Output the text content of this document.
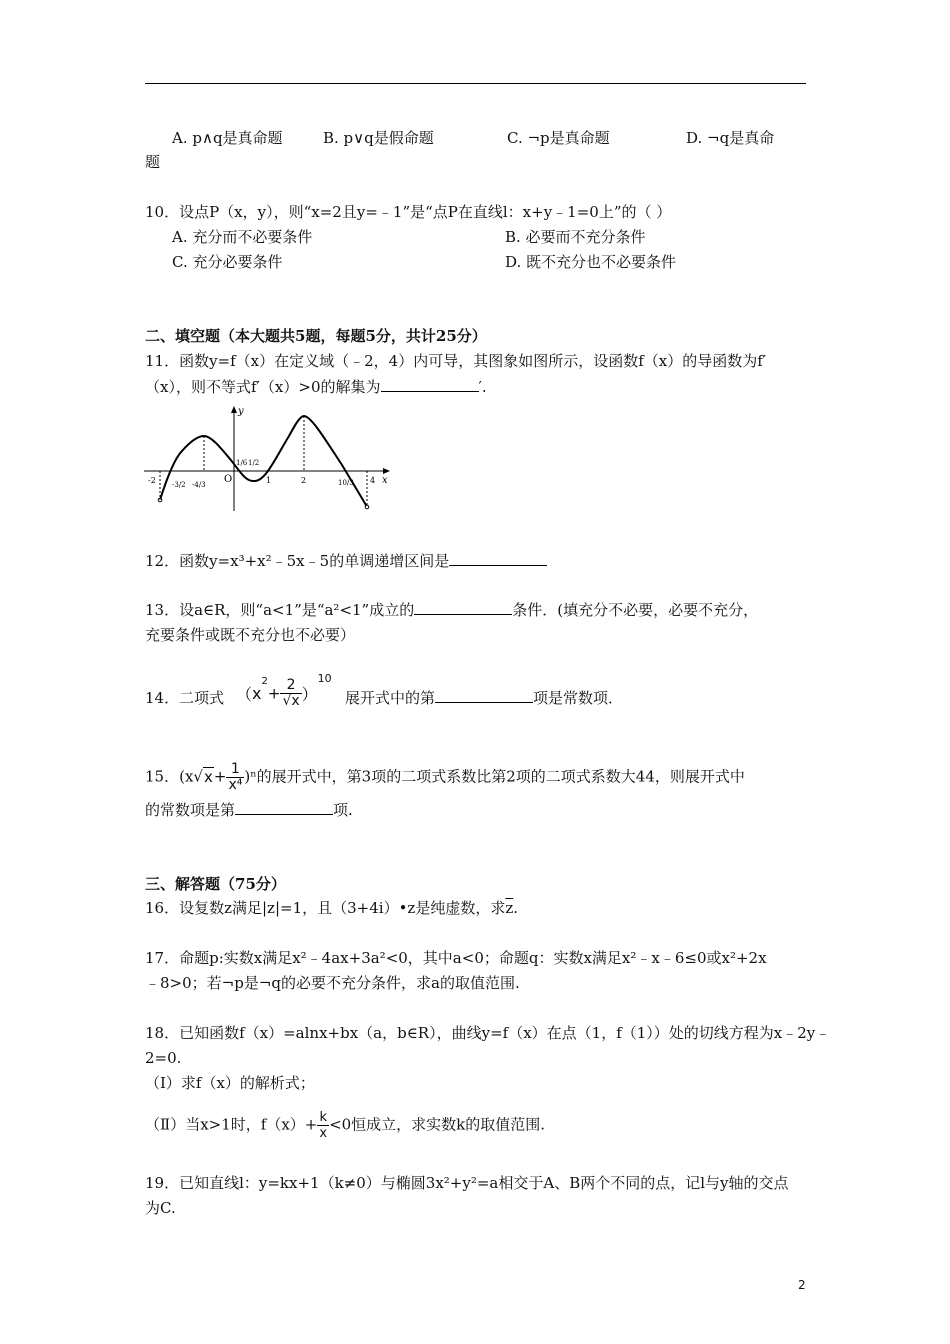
A. p∧q是真命题	B. p∨q是假命题	C. ¬p是真命题	D. ¬q是真命
题
10．设点P（x，y），则“x=2且y=﹣1”是“点P在直线l：x+y﹣1=0上”的（ ）
A. 充分而不必要条件	B. 必要而不充分条件
C. 充分必要条件	D. 既不充分也不必要条件
二、填空题（本大题共5题，每题5分，共计25分）
11．函数y=f（x）在定义域（﹣2，4）内可导，其图象如图所示，设函数f（x）的导函数为f′
（x），则不等式f′（x）>0的解集为	′.
y
x
O
-2 -3/2 -4/3
1/6 1/2
1	2	10/3 4
12．函数y=x³+x²﹣5x﹣5的单调递增区间是
13．设a∈R，则“a<1”是“a²<1”成立的	条件．(填充分不必要，必要不充分，
充要条件或既不充分也不必要）
14．二项式 $(x^2+ \frac{2}{√x} )^{10}$
展开式中的第	项是常数项．
15．$(x√x+ \frac{1}{\text{x⁴}} )^n$的展开式中，第3项的二项式系数比第2项的二项式系数大44，则展开式中
的常数项是第	项.
三、解答题（75分）
16．设复数z满足|z|=1，且（3+4i）•z是纯虚数，求$\overline{z}$.
17．命题p:实数x满足x²﹣4ax+3a²<0，其中a<0；命题q：实数x满足x²﹣x﹣6≤0或x²+2x
﹣8>0；若¬p是¬q的必要不充分条件，求a的取值范围.
18．已知函数f（x）=alnx+bx（a，b∈R），曲线y=f（x）在点（1，f（1））处的切线方程为x﹣2y﹣
2=0.
（Ⅰ）求f（x）的解析式；
（Ⅱ）当x>1时，$f(x)+ \frac{k}{x} <0$恒成立，求实数k的取值范围.
19．已知直线l：y=kx+1（k≠0）与椭圆3x²+y²=a相交于A、B两个不同的点，记l与y轴的交点
为C.
2
